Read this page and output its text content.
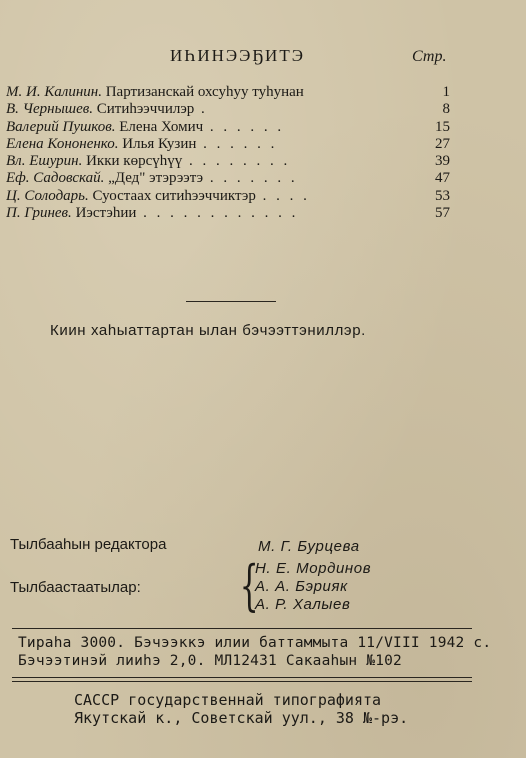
ИҺИНЭЭҔИТЭ	Стр.
М. И. Калинин. Партизанскай охсуһуу туһунан	1
В. Чернышев. Ситиһээччилэр .	8
Валерий Пушков. Елена Хомич . . . . . .	15
Елена Кононенко. Илья Кузин . . . . . .	27
Вл. Ешурин. Икки көрсүһүү . . . . . . . .	39
Еф. Садовскай. „Дед" этэрээтэ . . . . . . .	47
Ц. Солодарь. Суостаах ситиһээччиктэр . . . .	53
П. Гринев. Иэстэһии . . . . . . . . . . . .	57
Киин хаһыаттартан ылан бэчээттэниллэр.
Тылбааһын редактора	М. Г. Бурцева
Тылбаастаатылар: {
Н. Е. Мординов
А. А. Бэрияк
А. Р. Халыев
Тираһа 3000. Бэчээккэ илии баттаммыта 11/VIII 1942 с.
Бэчээтинэй лииһэ 2,0. МЛ12431 Сакааһын №102
САССР государственнай типографията
Якутскай к., Советскай уул., 38 №-рэ.
